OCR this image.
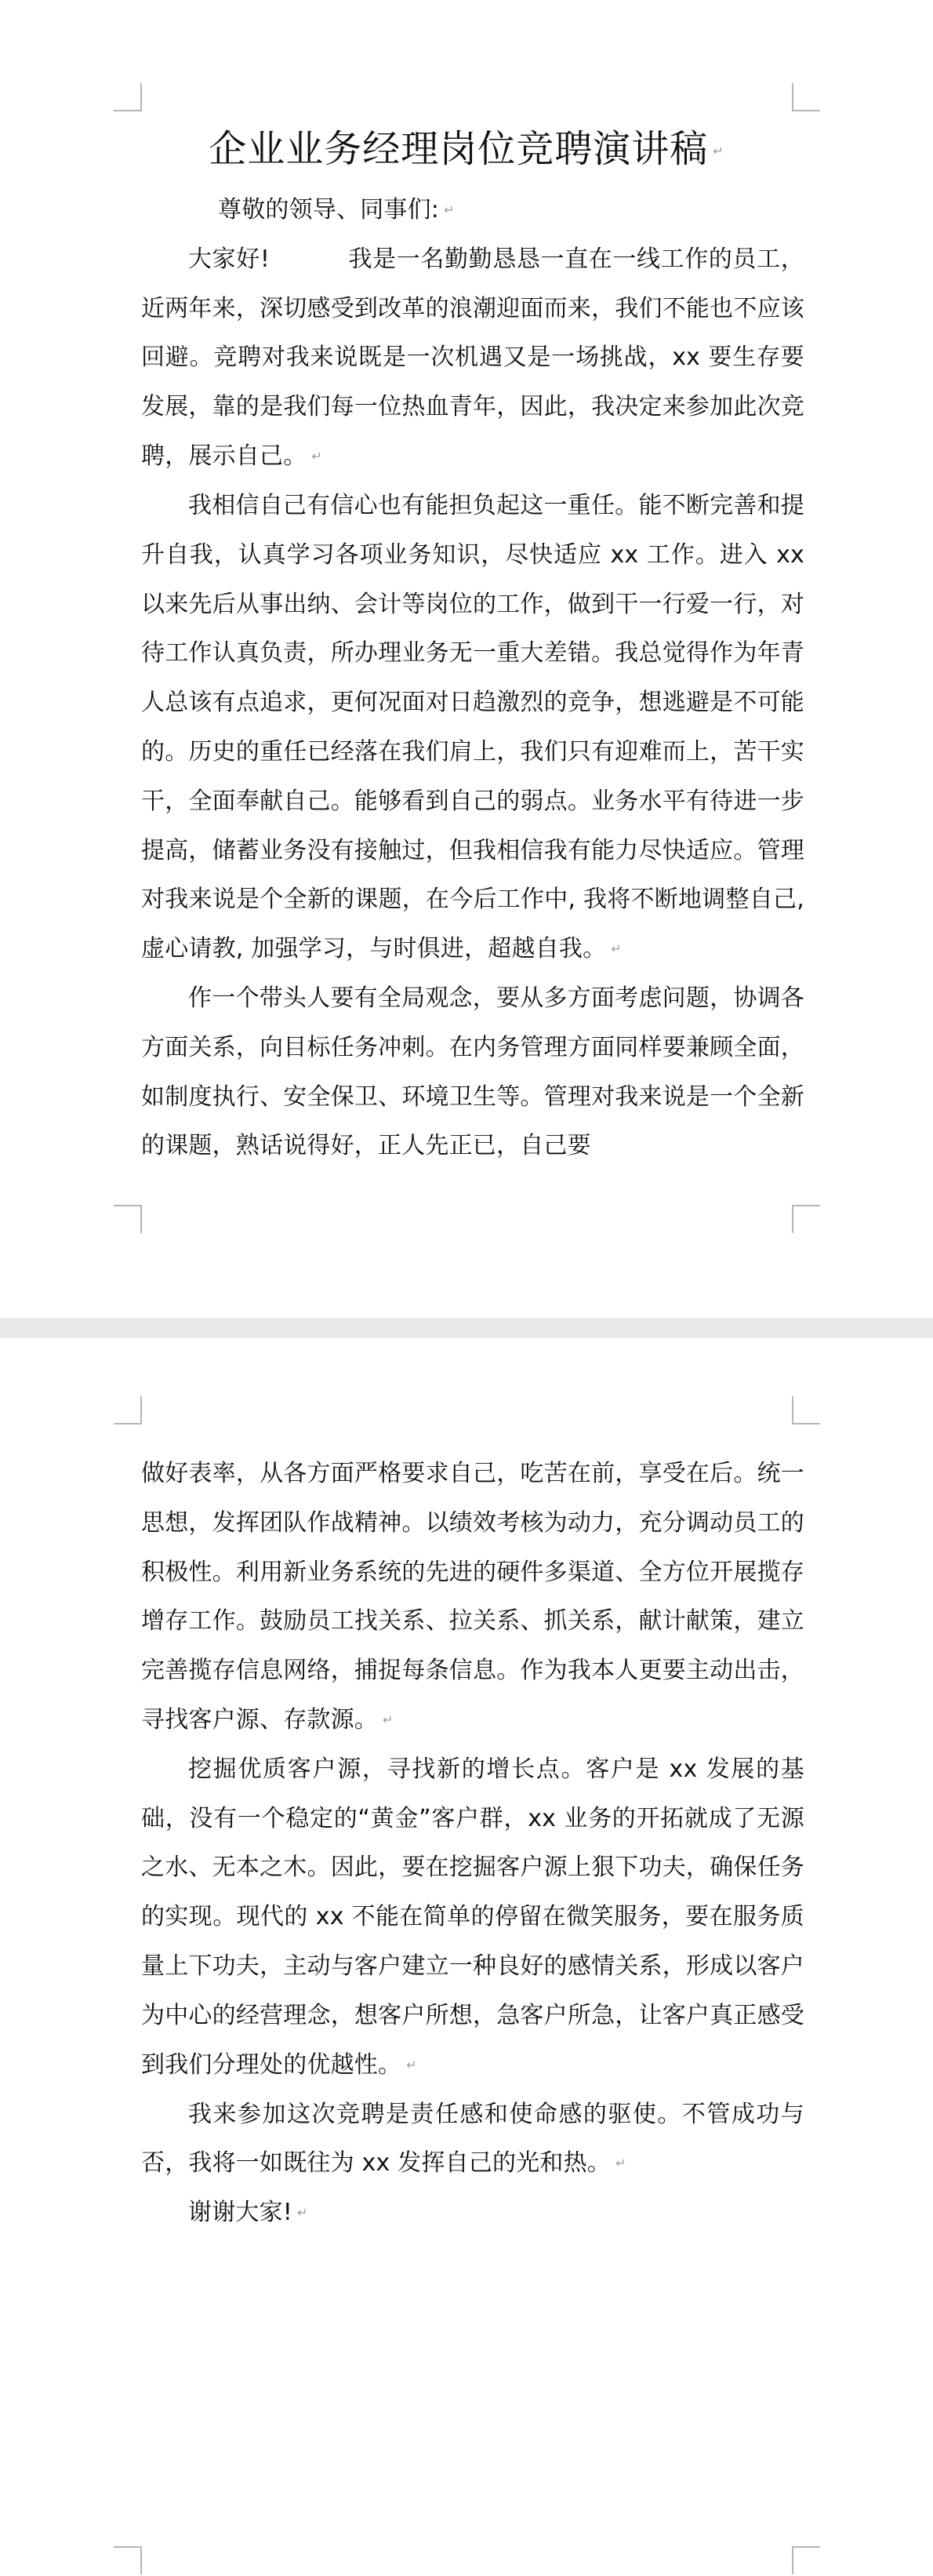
企业业务经理岗位竞聘演讲稿 ↵

尊敬的领导、同事们: ↵

大家好!	我是一名勤勤恳恳一直在一线工作的员工，近两年来，深切感受到改革的浪潮迎面而来，我们不能也不应该回避。竞聘对我来说既是一次机遇又是一场挑战，xx 要生存要发展，靠的是我们每一位热血青年，因此，我决定来参加此次竞聘，展示自己。 ↵

我相信自己有信心也有能担负起这一重任。能不断完善和提升自我，认真学习各项业务知识，尽快适应 xx 工作。进入 xx 以来先后从事出纳、会计等岗位的工作，做到干一行爱一行，对待工作认真负责，所办理业务无一重大差错。我总觉得作为年青人总该有点追求，更何况面对日趋激烈的竞争，想逃避是不可能的。历史的重任已经落在我们肩上，我们只有迎难而上，苦干实干，全面奉献自己。能够看到自己的弱点。业务水平有待进一步提高，储蓄业务没有接触过，但我相信我有能力尽快适应。管理对我来说是个全新的课题，在今后工作中, 我将不断地调整自己, 虚心请教, 加强学习，与时俱进，超越自我。 ↵

作一个带头人要有全局观念，要从多方面考虑问题，协调各方面关系，向目标任务冲刺。在内务管理方面同样要兼顾全面，如制度执行、安全保卫、环境卫生等。管理对我来说是一个全新的课题，熟话说得好，正人先正已，自己要

做好表率，从各方面严格要求自己，吃苦在前，享受在后。统一思想，发挥团队作战精神。以绩效考核为动力，充分调动员工的积极性。利用新业务系统的先进的硬件多渠道、全方位开展揽存增存工作。鼓励员工找关系、拉关系、抓关系，献计献策，建立完善揽存信息网络，捕捉每条信息。作为我本人更要主动出击，寻找客户源、存款源。 ↵

挖掘优质客户源，寻找新的增长点。客户是 xx 发展的基础，没有一个稳定的“黄金”客户群，xx 业务的开拓就成了无源之水、无本之木。因此，要在挖掘客户源上狠下功夫，确保任务的实现。现代的 xx 不能在简单的停留在微笑服务，要在服务质量上下功夫，主动与客户建立一种良好的感情关系，形成以客户为中心的经营理念，想客户所想，急客户所急，让客户真正感受到我们分理处的优越性。 ↵

我来参加这次竞聘是责任感和使命感的驱使。不管成功与否，我将一如既往为 xx 发挥自己的光和热。 ↵

谢谢大家! ↵
